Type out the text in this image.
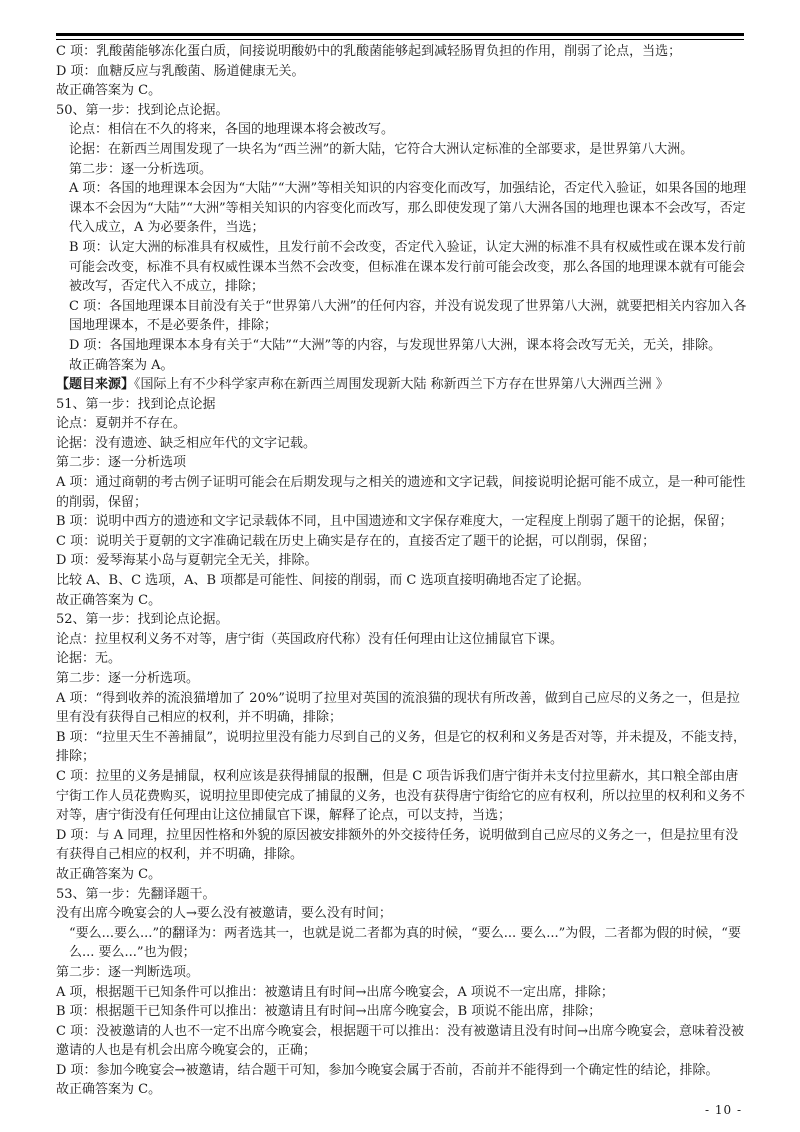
C 项：乳酸菌能够冻化蛋白质，间接说明酸奶中的乳酸菌能够起到减轻肠胃负担的作用，削弱了论点，当选；

D 项：血糖反应与乳酸菌、肠道健康无关。

故正确答案为 C。

50、第一步：找到论点论据。

论点：相信在不久的将来，各国的地理课本将会被改写。

论据：在新西兰周围发现了一块名为“西兰洲”的新大陆，它符合大洲认定标准的全部要求，是世界第八大洲。

第二步：逐一分析选项。

A 项：各国的地理课本会因为“大陆”“大洲”等相关知识的内容变化而改写，加强结论，否定代入验证，如果各国的地理课本不会因为“大陆”“大洲”等相关知识的内容变化而改写，那么即使发现了第八大洲各国的地理也课本不会改写，否定代入成立，A 为必要条件，当选；

B 项：认定大洲的标准具有权威性，且发行前不会改变，否定代入验证，认定大洲的标准不具有权威性或在课本发行前可能会改变，标准不具有权威性课本当然不会改变，但标准在课本发行前可能会改变，那么各国的地理课本就有可能会被改写，否定代入不成立，排除；

C 项：各国地理课本目前没有关于“世界第八大洲”的任何内容，并没有说发现了世界第八大洲，就要把相关内容加入各国地理课本，不是必要条件，排除；

D 项：各国地理课本本身有关于“大陆”“大洲”等的内容，与发现世界第八大洲，课本将会改写无关，无关，排除。

故正确答案为 A。

【题目来源】《国际上有不少科学家声称在新西兰周围发现新大陆 称新西兰下方存在世界第八大洲西兰洲 》

51、第一步：找到论点论据

论点：夏朝并不存在。

论据：没有遗迹、缺乏相应年代的文字记载。

第二步：逐一分析选项

A 项：通过商朝的考古例子证明可能会在后期发现与之相关的遗迹和文字记载，间接说明论据可能不成立，是一种可能性的削弱，保留；

B 项：说明中西方的遗迹和文字记录载体不同，且中国遗迹和文字保存难度大，一定程度上削弱了题干的论据，保留；

C 项：说明关于夏朝的文字准确记载在历史上确实是存在的，直接否定了题干的论据，可以削弱，保留；

D 项：爱琴海某小岛与夏朝完全无关，排除。

比较 A、B、C 选项，A、B 项都是可能性、间接的削弱，而 C 选项直接明确地否定了论据。

故正确答案为 C。

52、第一步：找到论点论据。

论点：拉里权利义务不对等，唐宁街（英国政府代称）没有任何理由让这位捕鼠官下课。

论据：无。

第二步：逐一分析选项。

A 项：“得到收养的流浪猫增加了 20%”说明了拉里对英国的流浪猫的现状有所改善，做到自己应尽的义务之一，但是拉里有没有获得自己相应的权利，并不明确，排除；

B 项：“拉里天生不善捕鼠”，说明拉里没有能力尽到自己的义务，但是它的权利和义务是否对等，并未提及，不能支持，排除；

C 项：拉里的义务是捕鼠，权利应该是获得捕鼠的报酬，但是 C 项告诉我们唐宁街并未支付拉里薪水，其口粮全部由唐宁街工作人员花费购买，说明拉里即使完成了捕鼠的义务，也没有获得唐宁街给它的应有权利，所以拉里的权利和义务不对等，唐宁街没有任何理由让这位捕鼠官下课，解释了论点，可以支持，当选；

D 项：与 A 同理，拉里因性格和外貌的原因被安排额外的外交接待任务，说明做到自己应尽的义务之一，但是拉里有没有获得自己相应的权利，并不明确，排除。

故正确答案为 C。

53、第一步：先翻译题干。

没有出席今晚宴会的人→要么没有被邀请，要么没有时间；

“要么...要么...”的翻译为：两者选其一，也就是说二者都为真的时候，“要么... 要么...”为假，二者都为假的时候，“要么... 要么...”也为假；

第二步：逐一判断选项。

A 项，根据题干已知条件可以推出：被邀请且有时间→出席今晚宴会，A 项说不一定出席，排除；

B 项：根据题干已知条件可以推出：被邀请且有时间→出席今晚宴会，B 项说不能出席，排除；

C 项：没被邀请的人也不一定不出席今晚宴会，根据题干可以推出：没有被邀请且没有时间→出席今晚宴会，意味着没被邀请的人也是有机会出席今晚宴会的，正确；

D 项：参加今晚宴会→被邀请，结合题干可知，参加今晚宴会属于否前，否前并不能得到一个确定性的结论，排除。

故正确答案为 C。

- 10 -
